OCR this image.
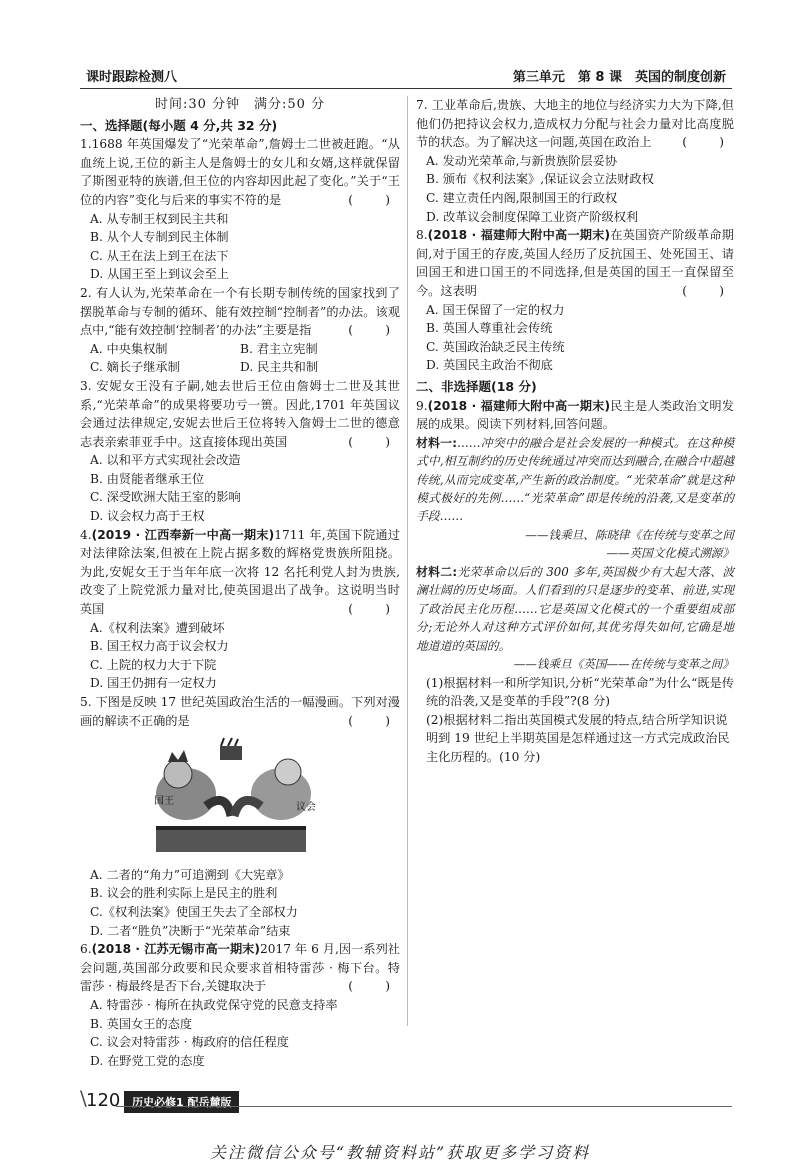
课时跟踪检测八	第三单元　第 8 课　英国的制度创新
时间:30 分钟　满分:50 分
一、选择题(每小题 4 分,共 32 分)
1.1688 年英国爆发了“光荣革命”,詹姆士二世被赶跑。“从血统上说,王位的新主人是詹姆士的女儿和女婿,这样就保留了斯图亚特的族谱,但王位的内容却因此起了变化。”关于“王位的内容”变化与后来的事实不符的是	(　)
A. 从专制王权到民主共和
B. 从个人专制到民主体制
C. 从王在法上到王在法下
D. 从国王至上到议会至上
2. 有人认为,光荣革命在一个有长期专制传统的国家找到了摆脱革命与专制的循环、能有效控制“控制者”的办法。该观点中,“能有效控制‘控制者’的办法”主要是指	(　)
A. 中央集权制	B. 君主立宪制
C. 嫡长子继承制	D. 民主共和制
3. 安妮女王没有子嗣,她去世后王位由詹姆士二世及其世系,“光荣革命”的成果将要功亏一篑。因此,1701 年英国议会通过法律规定,安妮去世后王位将转入詹姆士二世的德意志表亲索菲亚手中。这直接体现出英国	(　)
A. 以和平方式实现社会改造
B. 由贤能者继承王位
C. 深受欧洲大陆王室的影响
D. 议会权力高于王权
4.(2019 · 江西奉新一中高一期末)1711 年,英国下院通过对法律除法案,但被在上院占据多数的辉格党贵族所阻挠。为此,安妮女王于当年年底一次将 12 名托利党人封为贵族,改变了上院党派力量对比,使英国退出了战争。这说明当时英国	(　)
A.《权利法案》遭到破坏
B. 国王权力高于议会权力
C. 上院的权力大于下院
D. 国王仍拥有一定权力
5. 下图是反映 17 世纪英国政治生活的一幅漫画。下列对漫画的解读不正确的是	(　)
国王
议会
A. 二者的“角力”可追溯到《大宪章》
B. 议会的胜利实际上是民主的胜利
C.《权利法案》使国王失去了全部权力
D. 二者“胜负”决断于“光荣革命”结束
6.(2018 · 江苏无锡市高一期末)2017 年 6 月,因一系列社会问题,英国部分政要和民众要求首相特雷莎 · 梅下台。特雷莎 · 梅最终是否下台,关键取决于	(　)
A. 特雷莎 · 梅所在执政党保守党的民意支持率
B. 英国女王的态度
C. 议会对特雷莎 · 梅政府的信任程度
D. 在野党工党的态度
7. 工业革命后,贵族、大地主的地位与经济实力大为下降,但他们仍把持议会权力,造成权力分配与社会力量对比高度脱节的状态。为了解决这一问题,英国在政治上	(　)
A. 发动光荣革命,与新贵族阶层妥协
B. 颁布《权利法案》,保证议会立法财政权
C. 建立责任内阁,限制国王的行政权
D. 改革议会制度保障工业资产阶级权利
8.(2018 · 福建师大附中高一期末)在英国资产阶级革命期间,对于国王的存废,英国人经历了反抗国王、处死国王、请回国王和进口国王的不同选择,但是英国的国王一直保留至今。这表明	(　)
A. 国王保留了一定的权力
B. 英国人尊重社会传统
C. 英国政治缺乏民主传统
D. 英国民主政治不彻底
二、非选择题(18 分)
9.(2018 · 福建师大附中高一期末)民主是人类政治文明发展的成果。阅读下列材料,回答问题。
材料一:……冲突中的融合是社会发展的一种模式。在这种模式中,相互制约的历史传统通过冲突而达到融合,在融合中超越传统,从而完成变革,产生新的政治制度。“光荣革命”就是这种模式极好的先例……“光荣革命”即是传统的沿袭,又是变革的手段……
——钱乘旦、陈晓律《在传统与变革之间
——英国文化模式溯源》
材料二:光荣革命以后的 300 多年,英国极少有大起大落、波澜壮阔的历史场面。人们看到的只是逐步的变革、前进,实现了政治民主化历程……它是英国文化模式的一个重要组成部分;无论外人对这种方式评价如何,其优劣得失如何,它确是地地道道的英国的。
——钱乘旦《英国——在传统与变革之间》
(1)根据材料一和所学知识,分析“光荣革命”为什么“既是传统的沿袭,又是变革的手段”?(8 分)
(2)根据材料二指出英国模式发展的特点,结合所学知识说明到 19 世纪上半期英国是怎样通过这一方式完成政治民主化历程的。(10 分)
\ 120	历史必修1 配岳麓版
关注微信公众号“教辅资料站”获取更多学习资料
